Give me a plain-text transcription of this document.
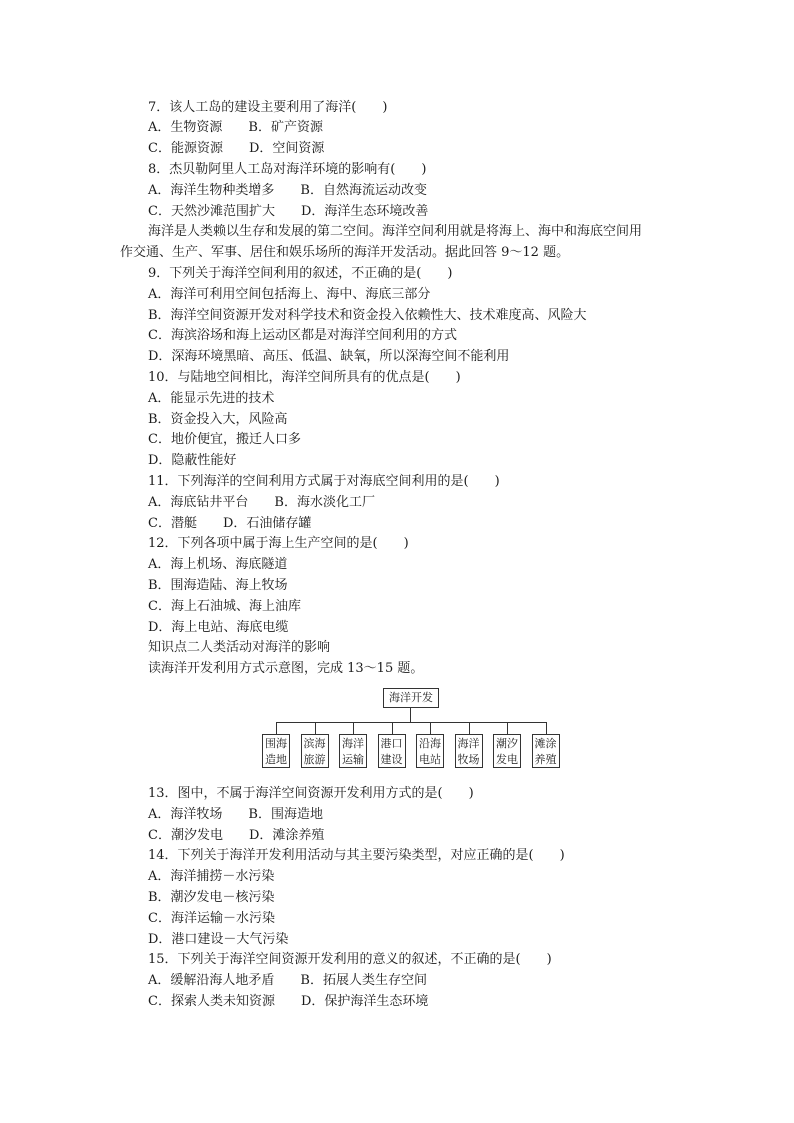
7．该人工岛的建设主要利用了海洋(　　)
A．生物资源　　B．矿产资源
C．能源资源　　D．空间资源
8．杰贝勒阿里人工岛对海洋环境的影响有(　　)
A．海洋生物种类增多　　B．自然海流运动改变
C．天然沙滩范围扩大　　D．海洋生态环境改善
海洋是人类赖以生存和发展的第二空间。海洋空间利用就是将海上、海中和海底空间用
作交通、生产、军事、居住和娱乐场所的海洋开发活动。据此回答 9～12 题。
9．下列关于海洋空间利用的叙述，不正确的是(　　)
A．海洋可利用空间包括海上、海中、海底三部分
B．海洋空间资源开发对科学技术和资金投入依赖性大、技术难度高、风险大
C．海滨浴场和海上运动区都是对海洋空间利用的方式
D．深海环境黑暗、高压、低温、缺氧，所以深海空间不能利用
10．与陆地空间相比，海洋空间所具有的优点是(　　)
A．能显示先进的技术
B．资金投入大，风险高
C．地价便宜，搬迁人口多
D．隐蔽性能好
11．下列海洋的空间利用方式属于对海底空间利用的是(　　)
A．海底钻井平台　　B．海水淡化工厂
C．潜艇　　D．石油储存罐
12．下列各项中属于海上生产空间的是(　　)
A．海上机场、海底隧道
B．围海造陆、海上牧场
C．海上石油城、海上油库
D．海上电站、海底电缆
知识点二人类活动对海洋的影响
读海洋开发利用方式示意图，完成 13～15 题。
13．图中，不属于海洋空间资源开发利用方式的是(　　)
A．海洋牧场　　B．围海造地
C．潮汐发电　　D．滩涂养殖
14．下列关于海洋开发利用活动与其主要污染类型，对应正确的是(　　)
A．海洋捕捞－水污染
B．潮汐发电－核污染
C．海洋运输－水污染
D．港口建设－大气污染
15．下列关于海洋空间资源开发利用的意义的叙述，不正确的是(　　)
A．缓解沿海人地矛盾　　B．拓展人类生存空间
C．探索人类未知资源　　D．保护海洋生态环境
海洋开发
围海
造地
滨海
旅游
海洋
运输
港口
建设
沿海
电站
海洋
牧场
潮汐
发电
滩涂
养殖
